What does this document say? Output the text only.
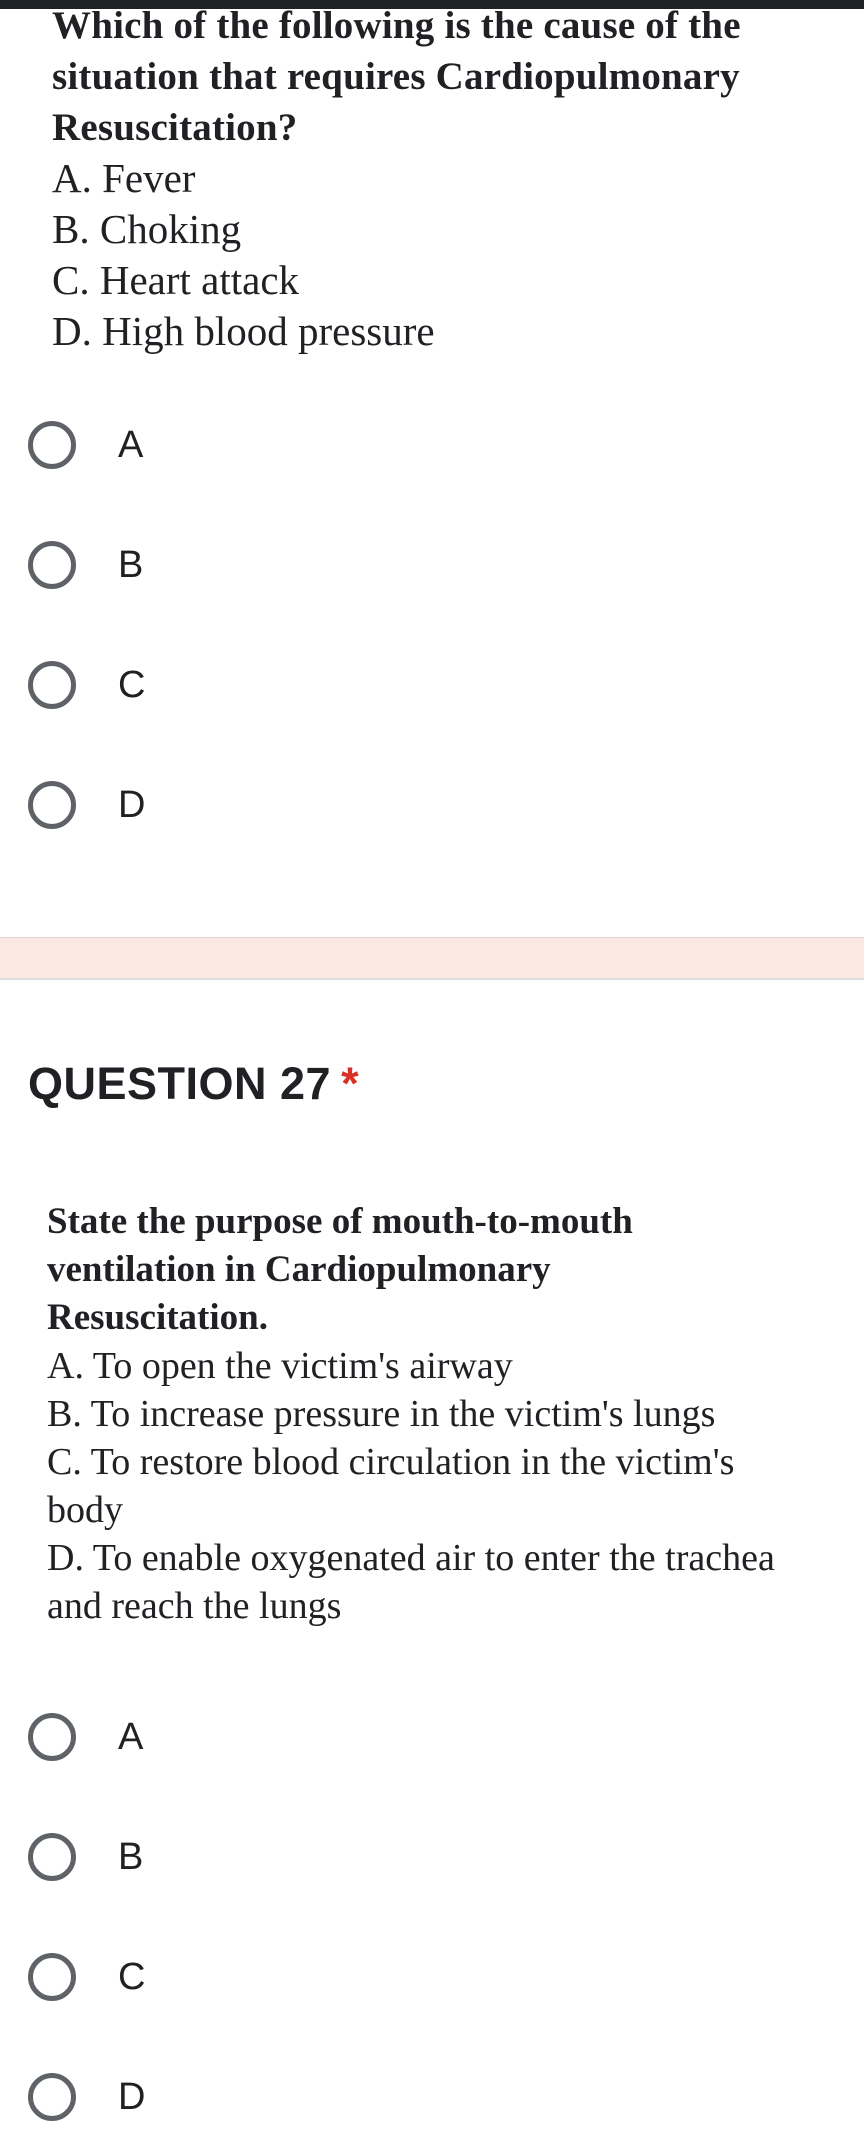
Which of the following is the cause of the

situation that requires Cardiopulmonary

Resuscitation?

A. Fever

B. Choking

C. Heart attack

D. High blood pressure

A
B
C
D
QUESTION 27 *

State the purpose of mouth-to-mouth

ventilation in Cardiopulmonary

Resuscitation.

A. To open the victim's airway

B. To increase pressure in the victim's lungs

C. To restore blood circulation in the victim's

body

D. To enable oxygenated air to enter the trachea

and reach the lungs

A
B
C
D
